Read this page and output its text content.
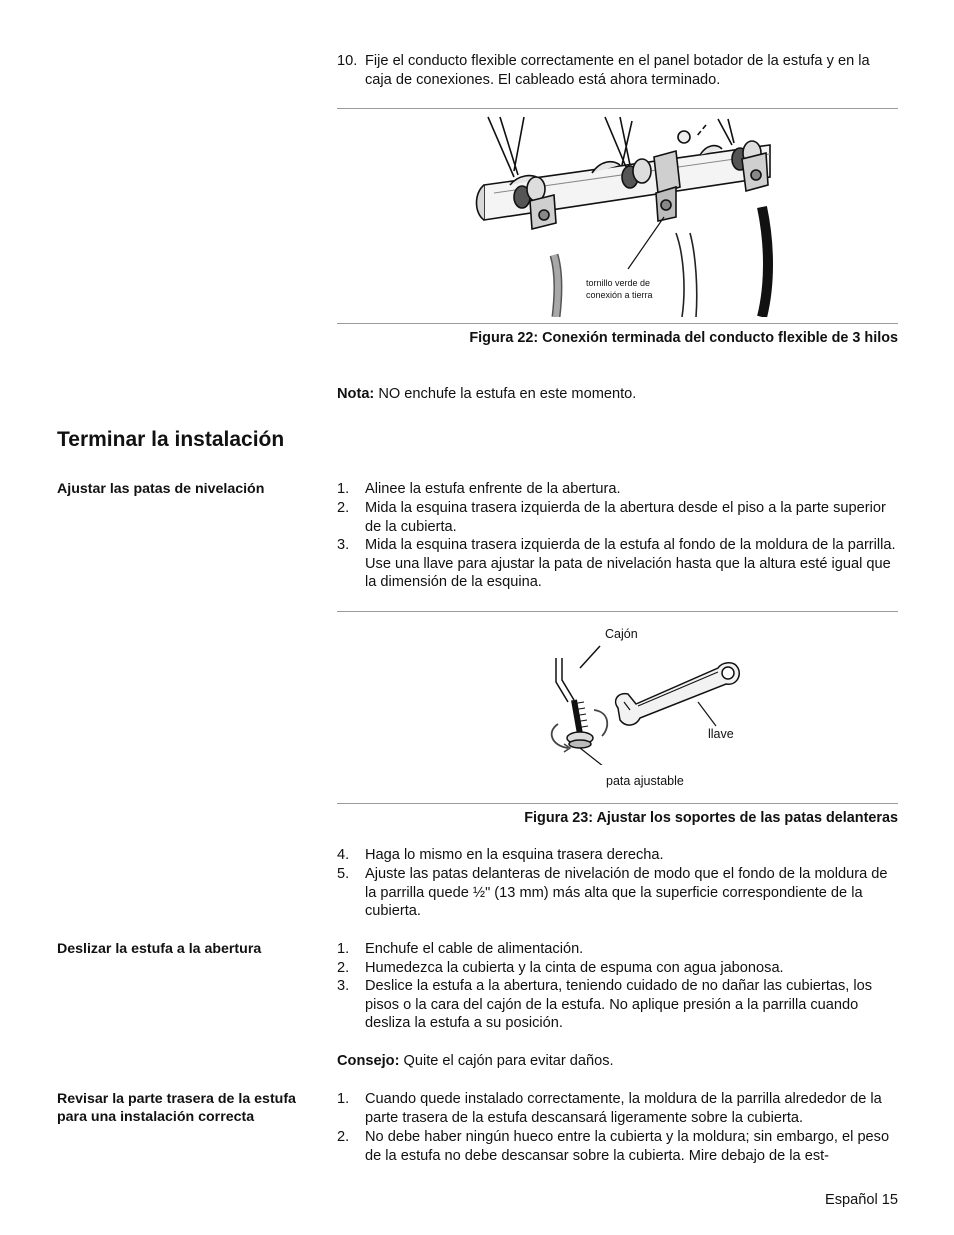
10. Fije el conducto flexible correctamente en el panel botador de la estufa y en la caja de conexiones. El cableado está ahora terminado.
tornillo verde de
conexión a tierra
Figura 22: Conexión terminada del conducto flexible de 3 hilos
Nota: NO enchufe la estufa en este momento.
Terminar la instalación
Ajustar las patas de nivelación	1. Alinee la estufa enfrente de la abertura.
2. Mida la esquina trasera izquierda de la abertura desde el piso a la parte superior de la cubierta.
3. Mida la esquina trasera izquierda de la estufa al fondo de la moldura de la parrilla. Use una llave para ajustar la pata de nivelación hasta que la altura esté igual que la dimensión de la esquina.
Cajón
llave
pata ajustable
Figura 23: Ajustar los soportes de las patas delanteras
4. Haga lo mismo en la esquina trasera derecha.
5. Ajuste las patas delanteras de nivelación de modo que el fondo de la moldura de la parrilla quede ½" (13 mm) más alta que la superficie correspondiente de la cubierta.
Deslizar la estufa a la abertura	1. Enchufe el cable de alimentación.
2. Humedezca la cubierta y la cinta de espuma con agua jabonosa.
3. Deslice la estufa a la abertura, teniendo cuidado de no dañar las cubiertas, los pisos o la cara del cajón de la estufa. No aplique presión a la parrilla cuando desliza la estufa a su posición.
Consejo: Quite el cajón para evitar daños.
Revisar la parte trasera de la estufa para una instalación correcta
1. Cuando quede instalado correctamente, la moldura de la parrilla alrededor de la parte trasera de la estufa descansará ligeramente sobre la cubierta.
2. No debe haber ningún hueco entre la cubierta y la moldura; sin embargo, el peso de la estufa no debe descansar sobre la cubierta. Mire debajo de la est-
Español 15
